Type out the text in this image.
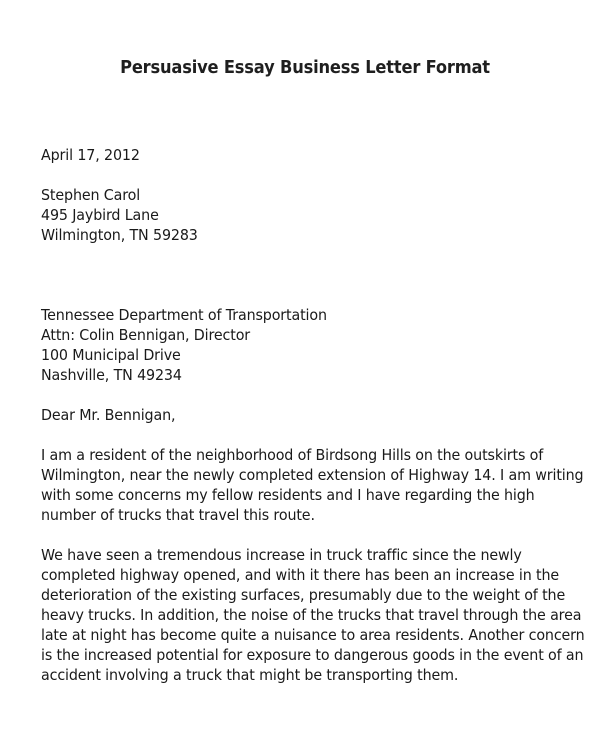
Persuasive Essay Business Letter Format
April 17, 2012
Stephen Carol
495 Jaybird Lane
Wilmington, TN 59283
Tennessee Department of Transportation
Attn: Colin Bennigan, Director
100 Municipal Drive
Nashville, TN 49234
Dear Mr. Bennigan,
I am a resident of the neighborhood of Birdsong Hills on the outskirts of
Wilmington, near the newly completed extension of Highway 14. I am writing
with some concerns my fellow residents and I have regarding the high
number of trucks that travel this route.
We have seen a tremendous increase in truck traffic since the newly
completed highway opened, and with it there has been an increase in the
deterioration of the existing surfaces, presumably due to the weight of the
heavy trucks. In addition, the noise of the trucks that travel through the area
late at night has become quite a nuisance to area residents. Another concern
is the increased potential for exposure to dangerous goods in the event of an
accident involving a truck that might be transporting them.
